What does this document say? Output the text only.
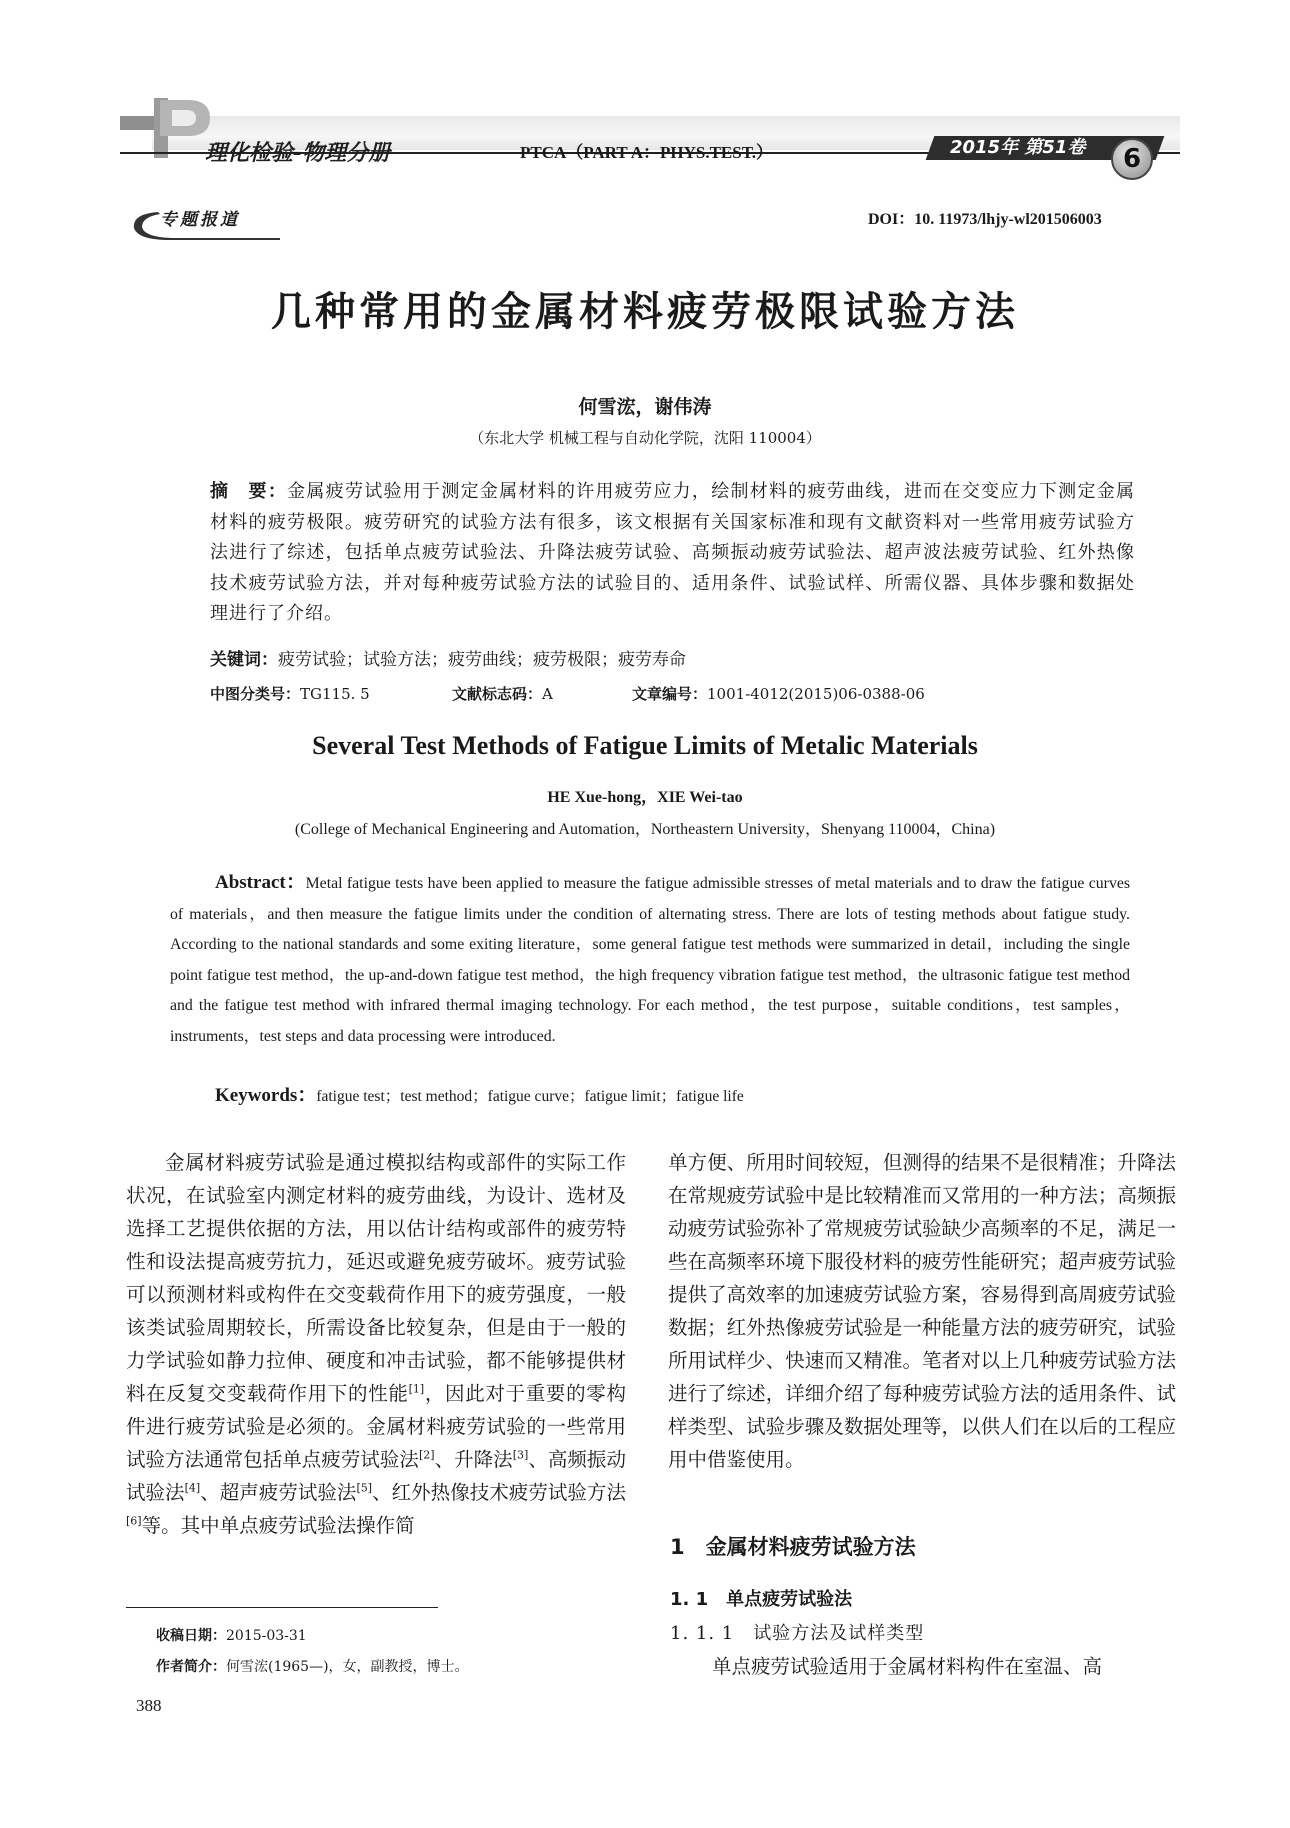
理化检验-物理分册	PTCA（PART A：PHYS.TEST.）	2015年 第51卷	6
专题报道	DOI：10. 11973/lhjy-wl201506003
几种常用的金属材料疲劳极限试验方法
何雪浤，谢伟涛
（东北大学 机械工程与自动化学院，沈阳 110004）
摘　要：金属疲劳试验用于测定金属材料的许用疲劳应力，绘制材料的疲劳曲线，进而在交变应力下测定金属材料的疲劳极限。疲劳研究的试验方法有很多，该文根据有关国家标准和现有文献资料对一些常用疲劳试验方法进行了综述，包括单点疲劳试验法、升降法疲劳试验、高频振动疲劳试验法、超声波法疲劳试验、红外热像技术疲劳试验方法，并对每种疲劳试验方法的试验目的、适用条件、试验试样、所需仪器、具体步骤和数据处理进行了介绍。
关键词：疲劳试验；试验方法；疲劳曲线；疲劳极限；疲劳寿命
中图分类号：TG115. 5	文献标志码：A	文章编号：1001-4012(2015)06-0388-06
Several Test Methods of Fatigue Limits of Metalic Materials
HE Xue-hong，XIE Wei-tao
(College of Mechanical Engineering and Automation，Northeastern University，Shenyang 110004，China)
Abstract：Metal fatigue tests have been applied to measure the fatigue admissible stresses of metal materials and to draw the fatigue curves of materials，and then measure the fatigue limits under the condition of alternating stress. There are lots of testing methods about fatigue study. According to the national standards and some exiting literature，some general fatigue test methods were summarized in detail，including the single point fatigue test method，the up-and-down fatigue test method，the high frequency vibration fatigue test method，the ultrasonic fatigue test method and the fatigue test method with infrared thermal imaging technology. For each method，the test purpose，suitable conditions，test samples，instruments，test steps and data processing were introduced.
Keywords：fatigue test；test method；fatigue curve；fatigue limit；fatigue life
金属材料疲劳试验是通过模拟结构或部件的实际工作状况，在试验室内测定材料的疲劳曲线，为设计、选材及选择工艺提供依据的方法，用以估计结构或部件的疲劳特性和设法提高疲劳抗力，延迟或避免疲劳破坏。疲劳试验可以预测材料或构件在交变载荷作用下的疲劳强度，一般该类试验周期较长，所需设备比较复杂，但是由于一般的力学试验如静力拉伸、硬度和冲击试验，都不能够提供材料在反复交变载荷作用下的性能[1]，因此对于重要的零构件进行疲劳试验是必须的。金属材料疲劳试验的一些常用试验方法通常包括单点疲劳试验法[2]、升降法[3]、高频振动试验法[4]、超声疲劳试验法[5]、红外热像技术疲劳试验方法[6]等。其中单点疲劳试验法操作简
单方便、所用时间较短，但测得的结果不是很精准；升降法在常规疲劳试验中是比较精准而又常用的一种方法；高频振动疲劳试验弥补了常规疲劳试验缺少高频率的不足，满足一些在高频率环境下服役材料的疲劳性能研究；超声疲劳试验提供了高效率的加速疲劳试验方案，容易得到高周疲劳试验数据；红外热像疲劳试验是一种能量方法的疲劳研究，试验所用试样少、快速而又精准。笔者对以上几种疲劳试验方法进行了综述，详细介绍了每种疲劳试验方法的适用条件、试样类型、试验步骤及数据处理等，以供人们在以后的工程应用中借鉴使用。
1　金属材料疲劳试验方法
1. 1　单点疲劳试验法
1. 1. 1　试验方法及试样类型
单点疲劳试验适用于金属材料构件在室温、高
收稿日期：2015-03-31
作者简介：何雪浤(1965—)，女，副教授，博士。
388
